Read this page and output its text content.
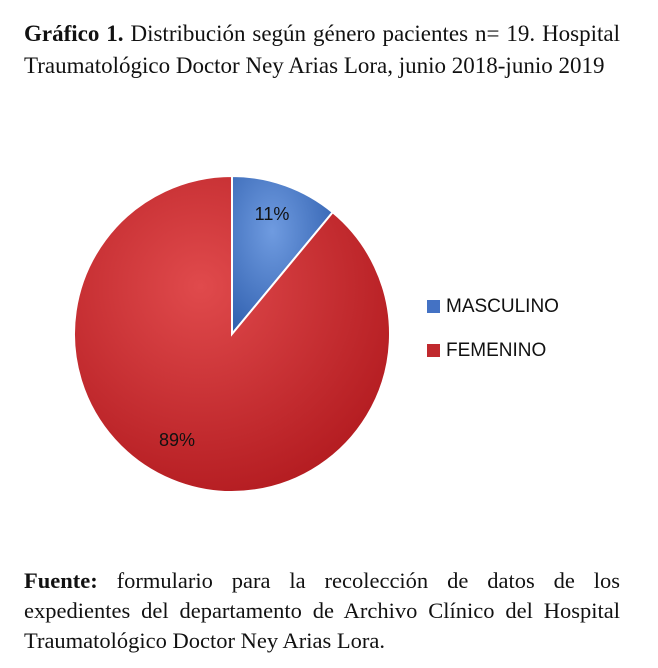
Gráfico 1. Distribución según género pacientes n= 19. Hospital Traumatológico Doctor Ney Arias Lora, junio 2018-junio 2019
11%
89%
MASCULINO
FEMENINO
Fuente: formulario para la recolección de datos de los expedientes del departamento de Archivo Clínico del Hospital Traumatológico Doctor Ney Arias Lora.
